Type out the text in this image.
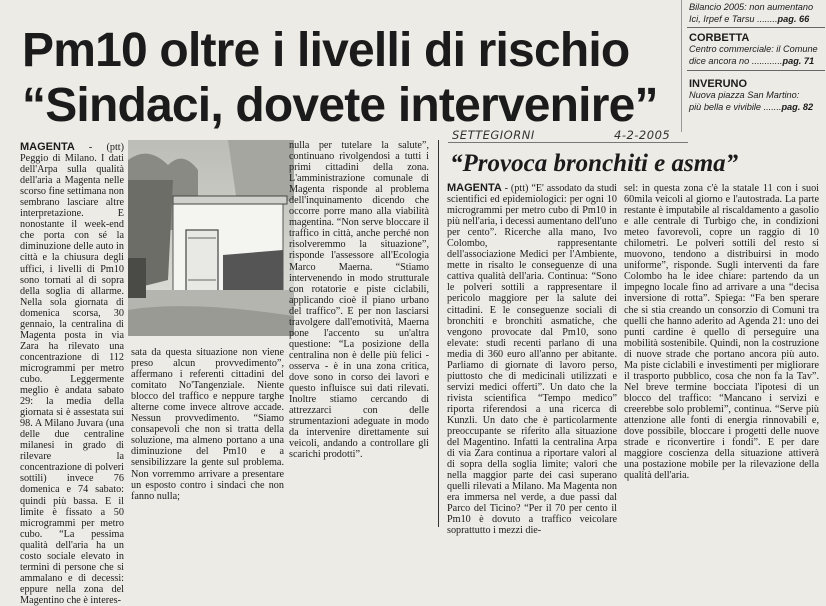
Pm10 oltre i livelli di rischio
“Sindaci, dovete intervenire”
SETTEGIORNI	4-2-2005
Bilancio 2005: non aumentano
Ici, Irpef e Tarsu ........pag. 66
CORBETTA
Centro commerciale: il Comune
dice ancora no ............pag. 71
INVERUNO
Nuova piazza San Martino:
più bella e vivibile .......pag. 82
“Provoca bronchiti e asma”
MAGENTA - (ptt) Peggio di Milano. I dati dell'Arpa sulla qualità dell'aria a Magenta nelle scorso fine settimana non sembrano lasciare altre interpretazione. E nonostante il week-end che porta con sé la diminuzione delle auto in città e la chiusura degli uffici, i livelli di Pm10 sono tornati al di sopra della soglia di allarme. Nella sola giornata di domenica scorsa, 30 gennaio, la centralina di Magenta posta in via Zara ha rilevato una concentrazione di 112 microgrammi per metro cubo. Leggermente meglio è andata sabato 29: la media della giornata si è assestata sui 98. A Milano Juvara (una delle due centraline milanesi in grado di rilevare la concentrazione di polveri sottili) invece 76 domenica e 74 sabato: quindi più bassa. E il limite è fissato a 50 microgrammi per metro cubo. “La pessima qualità dell'aria ha un costo sociale elevato in termini di persone che si ammalano e di decessi: eppure nella zona del Magentino che è interes-
sata da questa situazione non viene preso alcun provvedimento”, affermano i referenti cittadini del comitato No'Tangenziale. Niente blocco del traffico e neppure targhe alterne come invece altrove accade. Nessun provvedimento. “Siamo consapevoli che non si tratta della soluzione, ma almeno portano a una diminuzione del Pm10 e a sensibilizzare la gente sul problema. Non vorremmo arrivare a presentare un esposto contro i sindaci che non fanno nulla;
nulla per tutelare la salute”, continuano rivolgendosi a tutti i primi cittadini della zona. L'amministrazione comunale di Magenta risponde al problema dell'inquinamento dicendo che occorre porre mano alla viabilità magentina. “Non serve bloccare il traffico in città, anche perché non risolveremmo la situazione”, risponde l'assessore all'Ecologia Marco Maerna. “Stiamo intervenendo in modo strutturale con rotatorie e piste ciclabili, applicando cioè il piano urbano del traffico”. E per non lasciarsi travolgere dall'emotività, Maerna pone l'accento su un'altra questione: “La posizione della centralina non è delle più felici - osserva - è in una zona critica, dove sono in corso dei lavori e questo influisce sui dati rilevati. Inoltre stiamo cercando di attrezzarci con delle strumentazioni adeguate in modo da intervenire direttamente sui veicoli, andando a controllare gli scarichi prodotti”.
MAGENTA - (ptt) “E' assodato da studi scientifici ed epidemiologici: per ogni 10 microgrammi per metro cubo di Pm10 in più nell'aria, i decessi aumentano dell'uno per cento”. Ricerche alla mano, Ivo Colombo, rappresentante dell'associazione Medici per l'Ambiente, mette in risalto le conseguenze di una cattiva qualità dell'aria. Continua: “Sono le polveri sottili a rappresentare il pericolo maggiore per la salute dei cittadini. E le conseguenze sociali di bronchiti e bronchiti asmatiche, che vengono provocate dal Pm10, sono elevate: studi recenti parlano di una media di 360 euro all'anno per abitante. Parliamo di giornate di lavoro perso, piuttosto che di medicinali utilizzati e servizi medici offerti”. Un dato che la rivista scientifica “Tempo medico” riporta riferendosi a una ricerca di Kunzli. Un dato che è particolarmente preoccupante se riferito alla situazione del Magentino. Infatti la centralina Arpa di via Zara continua a riportare valori al di sopra della soglia limite; valori che nella maggior parte dei casi superano quelli rilevati a Milano. Ma Magenta non era immersa nel verde, a due passi dal Parco del Ticino? “Per il 70 per cento il Pm10 è dovuto a traffico veicolare soprattutto i mezzi die-
sel: in questa zona c'è la statale 11 con i suoi 60mila veicoli al giorno e l'autostrada. La parte restante è imputabile al riscaldamento a gasolio e alle centrale di Turbigo che, in condizioni meteo favorevoli, copre un raggio di 10 chilometri. Le polveri sottili del resto si muovono, tendono a distribuirsi in modo uniforme”, risponde. Sugli interventi da fare Colombo ha le idee chiare: partendo da un impegno locale fino ad arrivare a una “decisa inversione di rotta”. Spiega: “Fa ben sperare che si stia creando un consorzio di Comuni tra quelli che hanno aderito ad Agenda 21: uno dei punti cardine è quello di perseguire una mobilità sostenibile. Quindi, non la costruzione di nuove strade che portano ancora più auto. Ma piste ciclabili e investimenti per migliorare il trasporto pubblico, cosa che non fa la Tav”. Nel breve termine bocciata l'ipotesi di un blocco del traffico: “Mancano i servizi e creerebbe solo problemi”, continua. “Serve più attenzione alle fonti di energia rinnovabili e, dove possibile, bloccare i progetti delle nuove strade e riconvertire i fondi”. E per dare maggiore coscienza della situazione attiverà una postazione mobile per la rilevazione della qualità dell'aria.
